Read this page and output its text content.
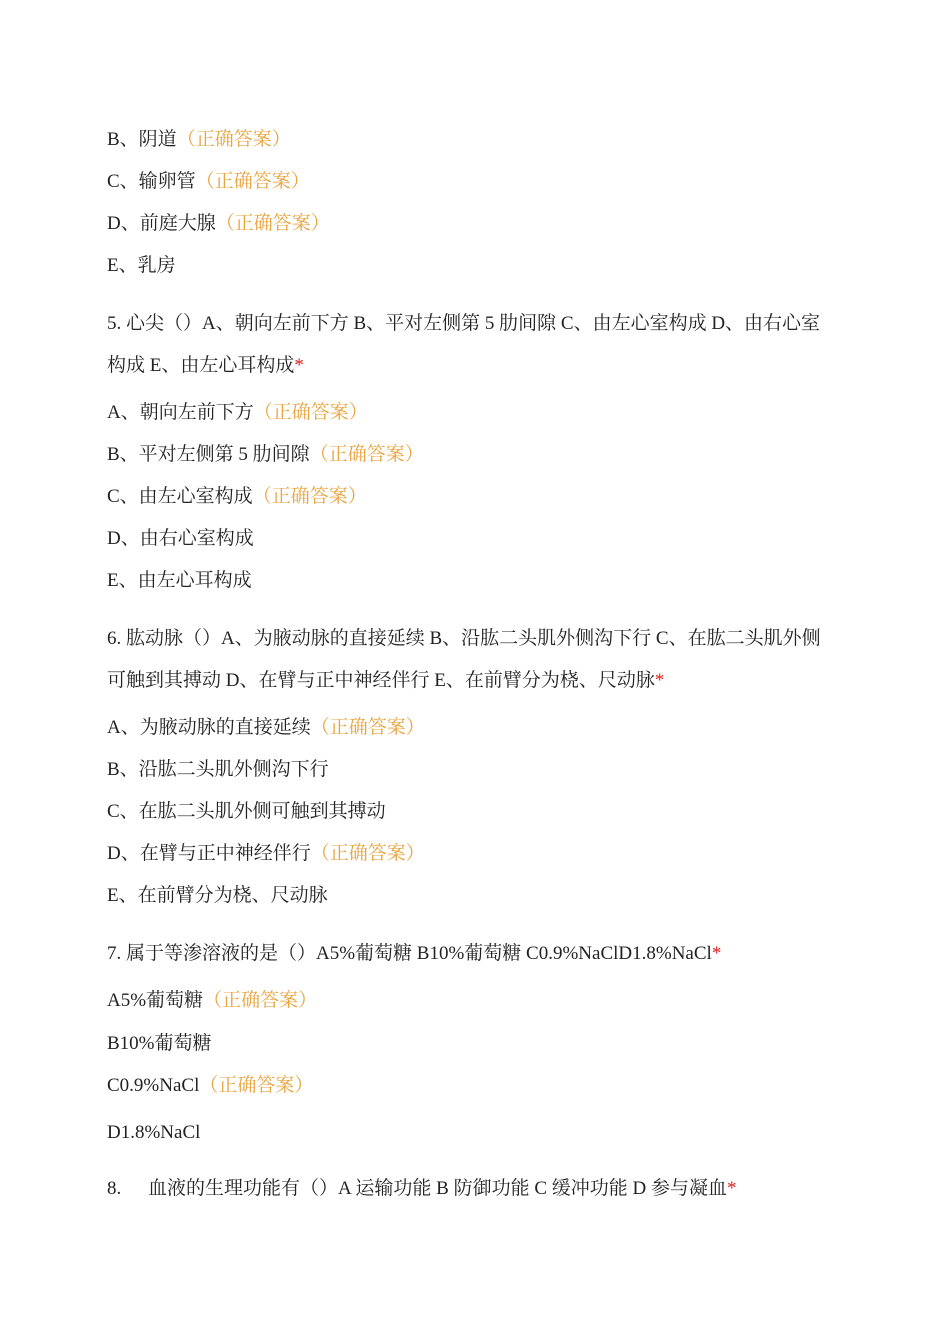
B、阴道（正确答案）
C、输卵管（正确答案）
D、前庭大腺（正确答案）
E、乳房
5. 心尖（）A、朝向左前下方 B、平对左侧第 5 肋间隙 C、由左心室构成 D、由右心室构成 E、由左心耳构成*
A、朝向左前下方（正确答案）
B、平对左侧第 5 肋间隙（正确答案）
C、由左心室构成（正确答案）
D、由右心室构成
E、由左心耳构成
6. 肱动脉（）A、为腋动脉的直接延续 B、沿肱二头肌外侧沟下行 C、在肱二头肌外侧可触到其搏动 D、在臂与正中神经伴行 E、在前臂分为桡、尺动脉*
A、为腋动脉的直接延续（正确答案）
B、沿肱二头肌外侧沟下行
C、在肱二头肌外侧可触到其搏动
D、在臂与正中神经伴行（正确答案）
E、在前臂分为桡、尺动脉
7. 属于等渗溶液的是（）A5%葡萄糖 B10%葡萄糖 C0.9%NaClD1.8%NaCl*
A5%葡萄糖（正确答案）
B10%葡萄糖
C0.9%NaCl（正确答案）
D1.8%NaCl
8. 血液的生理功能有（）A 运输功能 B 防御功能 C 缓冲功能 D 参与凝血*
